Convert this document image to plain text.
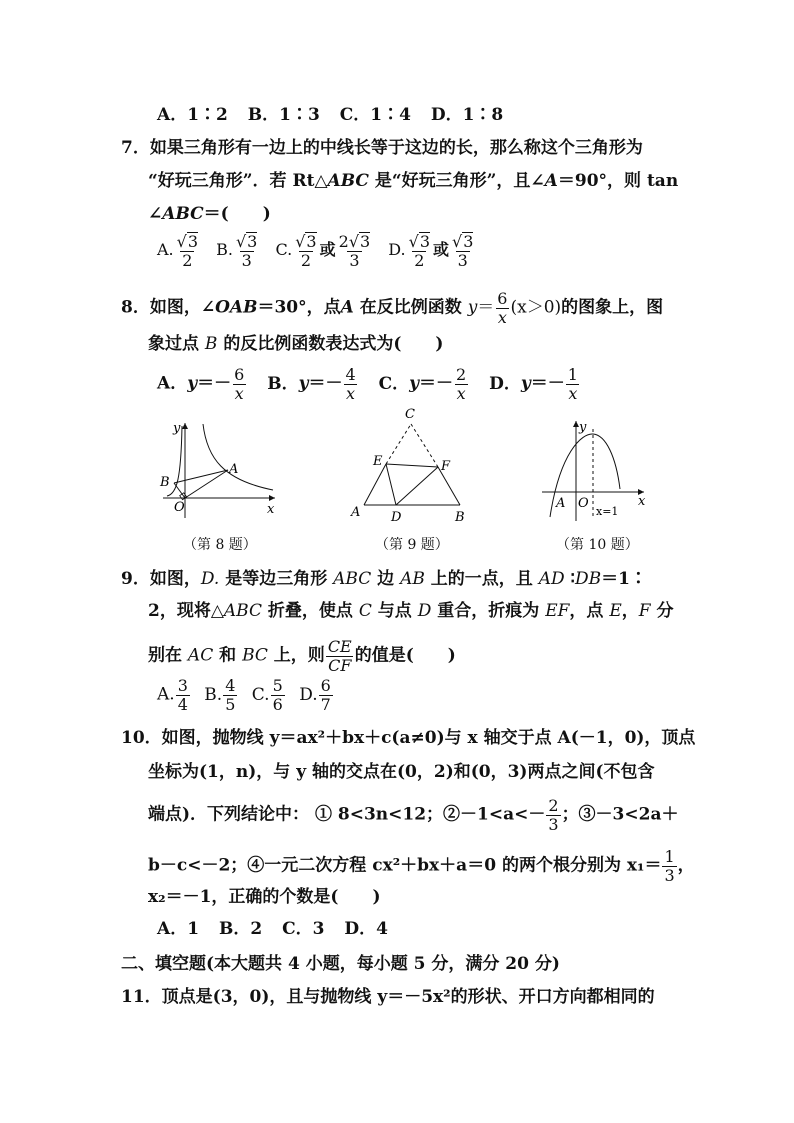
A．1∶2 B．1∶3 C．1∶4 D．1∶8
7．如果三角形有一边上的中线长等于这边的长，那么称这个三角形为
“好玩三角形”．若 Rt△ABC 是“好玩三角形”，且∠A＝90°，则 tan
∠ABC＝(　　)
A. $\frac{√3}{2} B$. $\frac{√3}{3} C$. $\frac{√3}{2}$ 或 $\frac{2√3}{3} D$. $\frac{√3}{2}$ 或 $\frac{√3}{3}$
8．如图，∠OAB＝30°，点A 在反比例函数 $y= \frac{6}{x} (x>0)$的图象上，图
象过点 B 的反比例函数表达式为(　　)
A．$y=- \frac{6}{x}$ B．$y=- \frac{4}{x}$ C．$y=- \frac{2}{x}$ D．$y=- \frac{1}{x}$
y
x
A
B
O
（第 8 题）
C
E	F
A D	B
（第 9 题）
y
x
A O
x=1
（第 10 题）
9．如图，D. 是等边三角形 ABC 边 AB 上的一点，且 AD ∶DB＝1∶
2，现将△ABC 折叠，使点 C 与点 D 重合，折痕为 EF，点 E，F 分
别在 AC 和 BC 上，则 $\frac{CE}{CF}$ 的值是(　　)
A. $\frac{3}{4} B$. $\frac{4}{5} C$. $\frac{5}{6} D$. $\frac{6}{7}$
10．如图，抛物线 y＝ax²＋bx＋c(a≠0)与 x 轴交于点 A(－1，0)，顶点
坐标为(1，n)，与 y 轴的交点在(0，2)和(0，3)两点之间(不包含
端点)．下列结论中： ① 8<3n<12；②－1<a<－ $\frac{2}{3}$ ；③－3<2a＋
b－c<－2；④一元二次方程 cx²＋bx＋a＝0 的两个根分别为 $x_1= \frac{1}{3}$ ，
x₂＝－1，正确的个数是(　　)
A．1 B．2 C．3 D．4
二、填空题(本大题共 4 小题，每小题 5 分，满分 20 分)
11．顶点是(3，0)，且与抛物线 y＝－5x²的形状、开口方向都相同的
